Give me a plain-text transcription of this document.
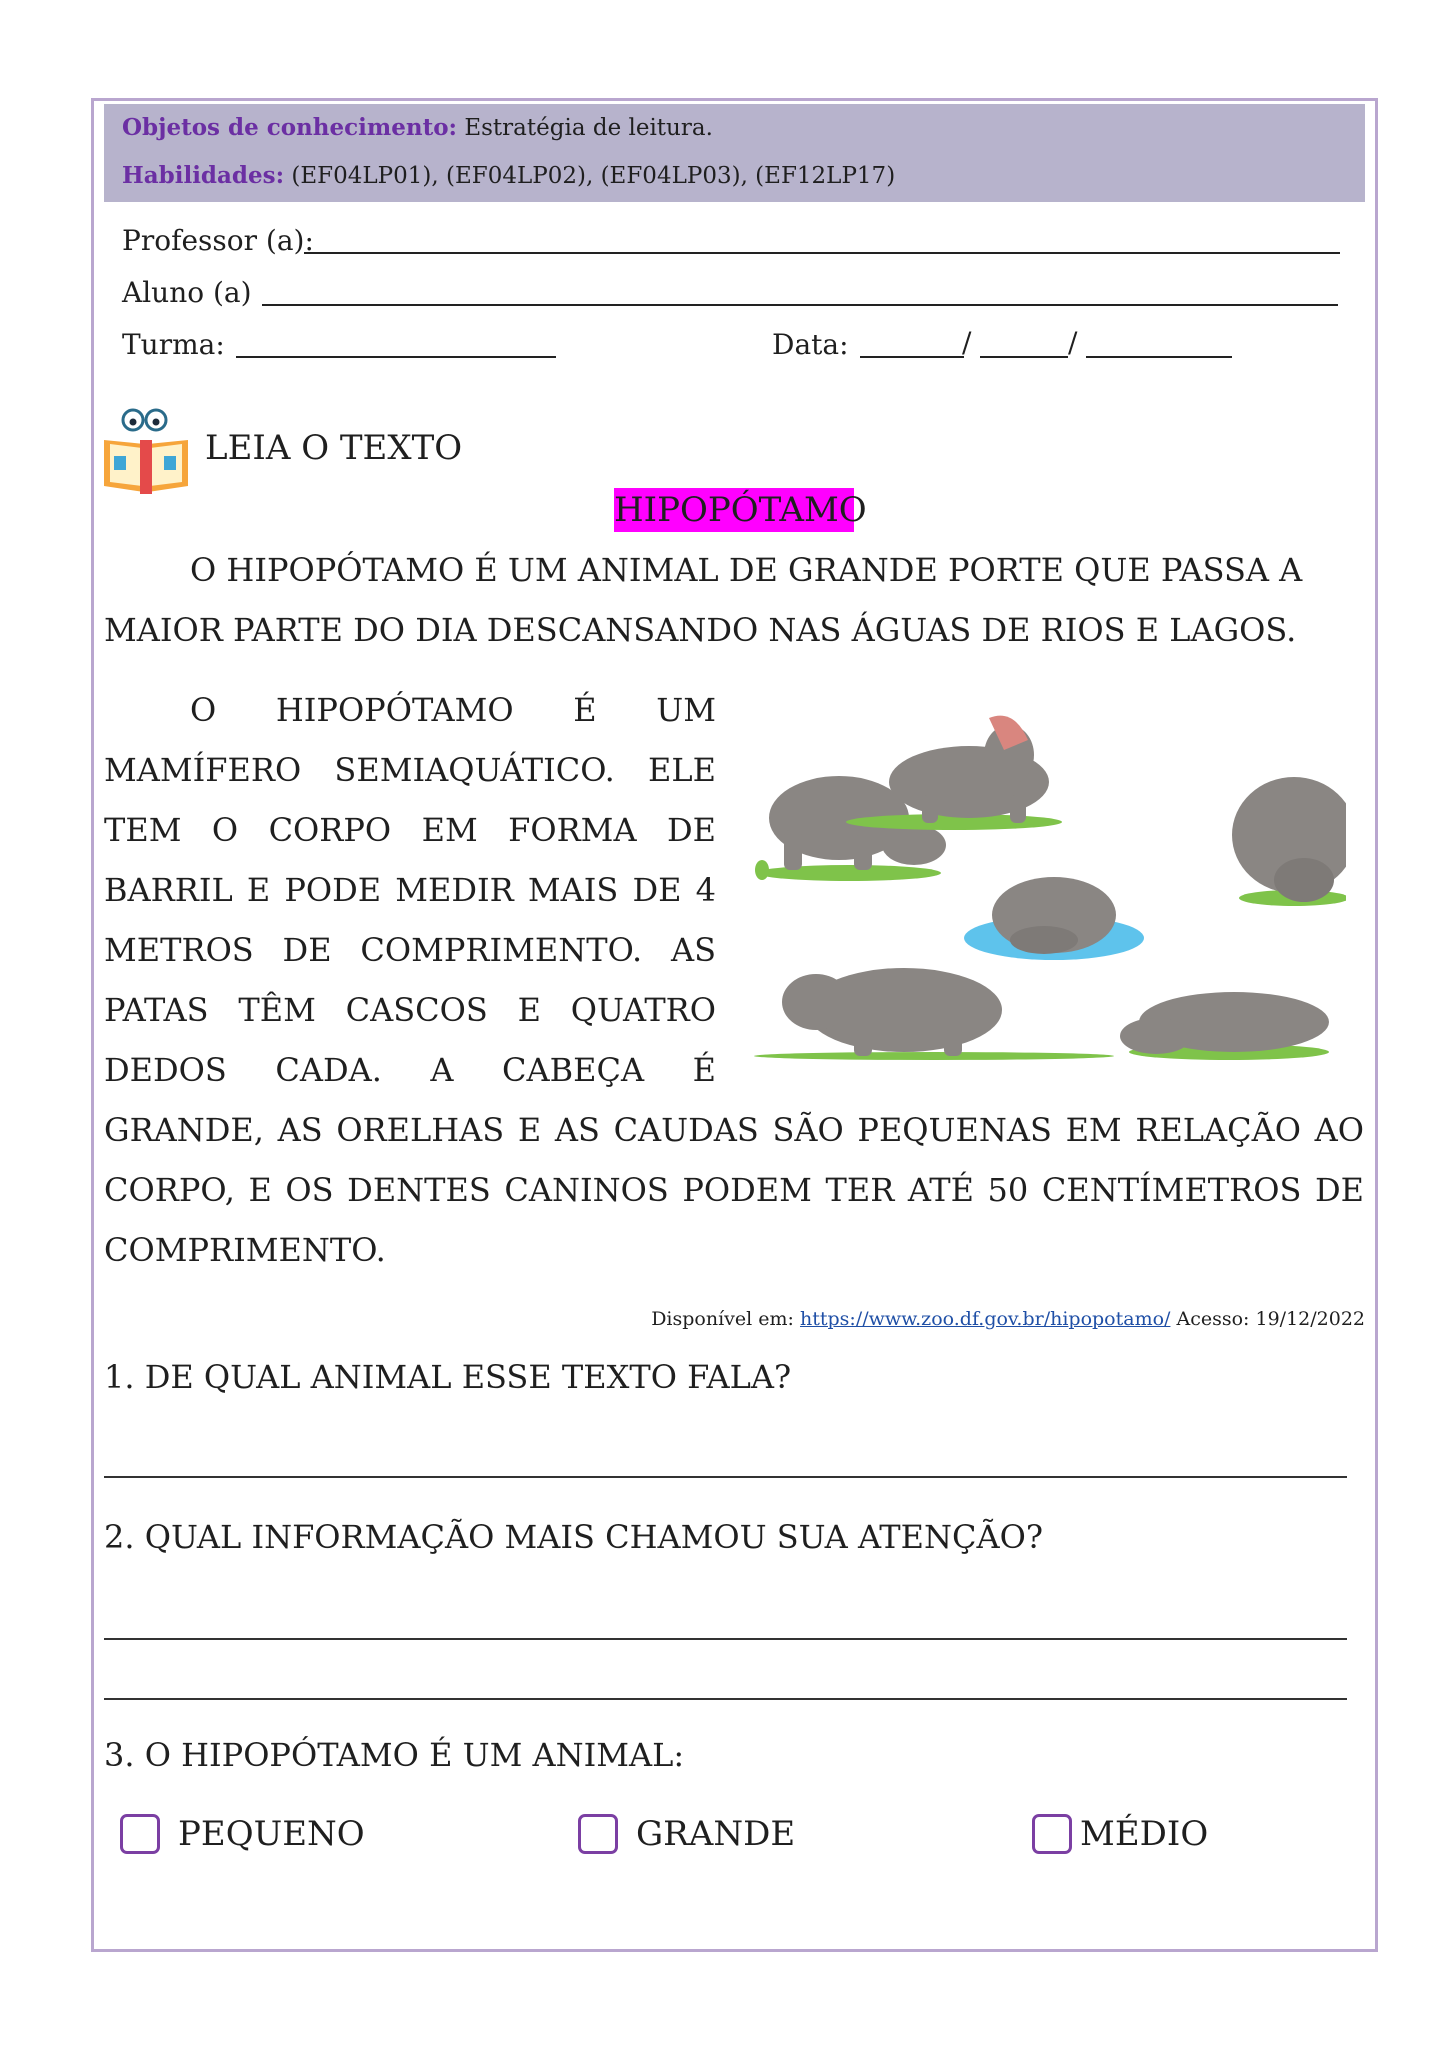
Objetos de conhecimento: Estratégia de leitura.
Habilidades: (EF04LP01), (EF04LP02), (EF04LP03), (EF12LP17)
Professor (a):
Aluno (a)
Turma:	Data:	/	/
LEIA O TEXTO
HIPOPÓTAMO
O HIPOPÓTAMO É UM ANIMAL DE GRANDE PORTE QUE PASSA A
MAIOR PARTE DO DIA DESCANSANDO NAS ÁGUAS DE RIOS E LAGOS.
O HIPOPÓTAMO É UM
MAMÍFERO SEMIAQUÁTICO. ELE
TEM O CORPO EM FORMA DE
BARRIL E PODE MEDIR MAIS DE 4
METROS DE COMPRIMENTO. AS
PATAS TÊM CASCOS E QUATRO
DEDOS CADA. A CABEÇA É
GRANDE, AS ORELHAS E AS CAUDAS SÃO PEQUENAS EM RELAÇÃO AO
CORPO, E OS DENTES CANINOS PODEM TER ATÉ 50 CENTÍMETROS DE
COMPRIMENTO.
Disponível em: https://www.zoo.df.gov.br/hipopotamo/ Acesso: 19/12/2022
1. DE QUAL ANIMAL ESSE TEXTO FALA?
2. QUAL INFORMAÇÃO MAIS CHAMOU SUA ATENÇÃO?
3. O HIPOPÓTAMO É UM ANIMAL:
PEQUENO	GRANDE	MÉDIO
